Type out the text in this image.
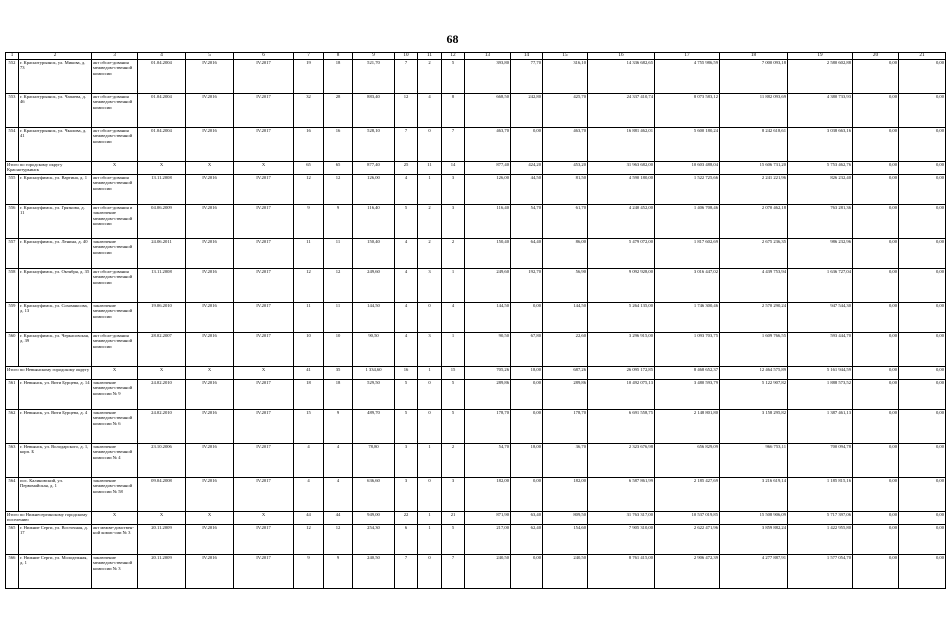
68
1	2	3	4	5	6	7	8	9	10	11	12	13	14	15	16	17	18	19	20	21
552	г. Краснотурьинск, ул. Микова, д. 73	акт обсле-дования межведом-ственной комиссии	01.04.2004	IV.2016	IV.2017	19	18	521,70	7	2	5	393,80	77,70	316,10	14 336 682,65	4 755 986,59	7 000 093,18	2 580 602,88	0,00	0,00
553	г. Краснотурьинск, ул. Чапаева, д. 46	акт обсле-дования межведом-ственной комиссии	01.04.2004	IV.2016	IV.2017	32	28	883,40	12	4	8	668,50	242,80	425,70	24 337 410,74	8 073 583,12	11 882 093,69	4 380 733,93	0,00	0,00
554	г. Краснотурьинск, ул. Чкалова, д. 41	акт обсле-дования межведом-ственной комиссии	01.04.2004	IV.2016	IV.2017	16	16	528,10	7	0	7	463,70	0,00	463,70	16 881 462,01	5 600 180,24	8 242 618,61	3 038 663,16	0,00	0,00
Итого по городскому округу Краснотурьинск		X	X	X	X	65	65	877,40	25	11	14	877,40	424,20	453,20	31 963 682,00	10 603 488,04	15 606 731,20	5 753 462,76	0,00	0,00
555	г. Красноуфимск, ул. Вартина, д. 1	акт обсле-дования межведом-ственной комиссии	13.11.2008	IV.2016	IV.2017	12	12	126,00	4	1	3	126,00	44,50	81,50	4 590 180,00	1 522 725,66	2 241 221,96	826 232,40	0,00	0,00
556	г. Красноуфимск, ул. Грязнова, д. 11	акт обсле-дования и заключение межведом-ственной комиссии	04.06.2009	IV.2016	IV.2017	9	9	116,40	5	2	3	116,40	54,70	61,70	4 240 452,00	1 406 708,46	2 070 462,18	763 281,36	0,00	0,00
557	г. Красноуфимск, ул. Ленина, д. 40	заключение межведом-ственной комиссии	24.06.2011	IV.2016	IV.2017	11	11	150,40	4	2	2	150,40	64,40	86,00	5 479 072,00	1 817 602,69	2 675 236,35	986 232,96	0,00	0,00
558	г. Красноуфимск, ул. Октября, д. 35	акт обсле-дования межведом-ственной комиссии	13.11.2008	IV.2016	IV.2017	12	12	249,60	4	3	1	249,60	192,70	56,90	9 092 928,00	3 016 447,02	4 439 753,94	1 636 727,04	0,00	0,00
559	г. Красноуфимск, ул. Сохомяксова, д. 13	заключение межведом-ственной комиссии	19.06.2010	IV.2016	IV.2017	11	11	144,50	4	0	4	144,50	0,00	144,50	5 264 135,00	1 746 300,46	2 570 290,24	947 544,30	0,00	0,00
560	г. Красноуфимск, ул. Черкасовская, д. 39	акт обсле-дования межведом-ственной комиссии	28.02.2007	IV.2016	IV.2017	10	10	90,50	4	3	1	90,50	67,80	22,60	3 296 915,00	1 093 703,75	1 609 766,55	593 444,70	0,00	0,00
Итого по Невьянскому городскому округу		X	X	X	X	41	35	1 334,60	16	1	15	705,26	18,00	687,26	26 095 172,85	8 468 652,37	12 464 575,89	5 161 944,59	0,00	0,00
561	г. Невьянск, ул. Вити Бурцева, д. 14	заключение межведом-ственной комиссии № 9	24.02.2010	IV.2016	IV.2017	18	18	529,50	5	0	5	289,86	0,00	289,86	10 492 075,13	3 480 593,79	5 122 907,82	1 888 573,52	0,00	0,00
562	г. Невьянск, ул. Вити Бурцева, д. 4	заключение межведом-ственной комиссии № 6	24.02.2010	IV.2016	IV.2017	15	9	489,70	5	0	5	178,70	0,00	178,70	6 691 558,75	2 148 801,80	3 158 295,82	1 387 461,13	0,00	0,00
563	г. Невьянск, ул. Володарского, д. 1, корп. Б	заключение межведом-ственной комиссии № 4	23.10.2006	IV.2016	IV.2017	4	4	78,80	3	1	2	54,70	18,00	36,70	2 323 676,98	656 829,09	966 753,11	700 094,78	0,00	0,00
564	пос. Калиновский, ул. Первомайская, д. 1	заключение межведом-ственной комиссии № 58	09.04.2008	IV.2016	IV.2017	4	4	636,60	3	0	3	182,00	0,00	182,00	6 587 861,99	2 185 427,69	3 216 619,14	1 185 815,16	0,00	0,00
Итого по Нижнесергинскому городскому поселению		X	X	X	X	44	44	949,00	22	1	21	871,90	63,40	809,50	31 763 317,00	10 537 019,85	15 508 906,09	5 717 397,06	0,00	0,00
565	г. Нижние Серги, ул. Восточная, д. 17	акт межве-домствен-ной комис-сии № 3	20.11.2009	IV.2016	IV.2017	12	12	254,30	6	1	5	217,00	62,40	154,60	7 905 310,00	2 622 471,96	3 859 882,24	1 422 955,80	0,00	0,00
566	г. Нижние Серги, ул. Молодежная, д. 1	заключение межведом-ственной комиссии № 3	20.11.2009	IV.2016	IV.2017	9	9	240,50	7	0	7	240,50	0,00	240,50	8 761 415,00	2 906 472,39	4 277 887,91	1 577 054,70	0,00	0,00
